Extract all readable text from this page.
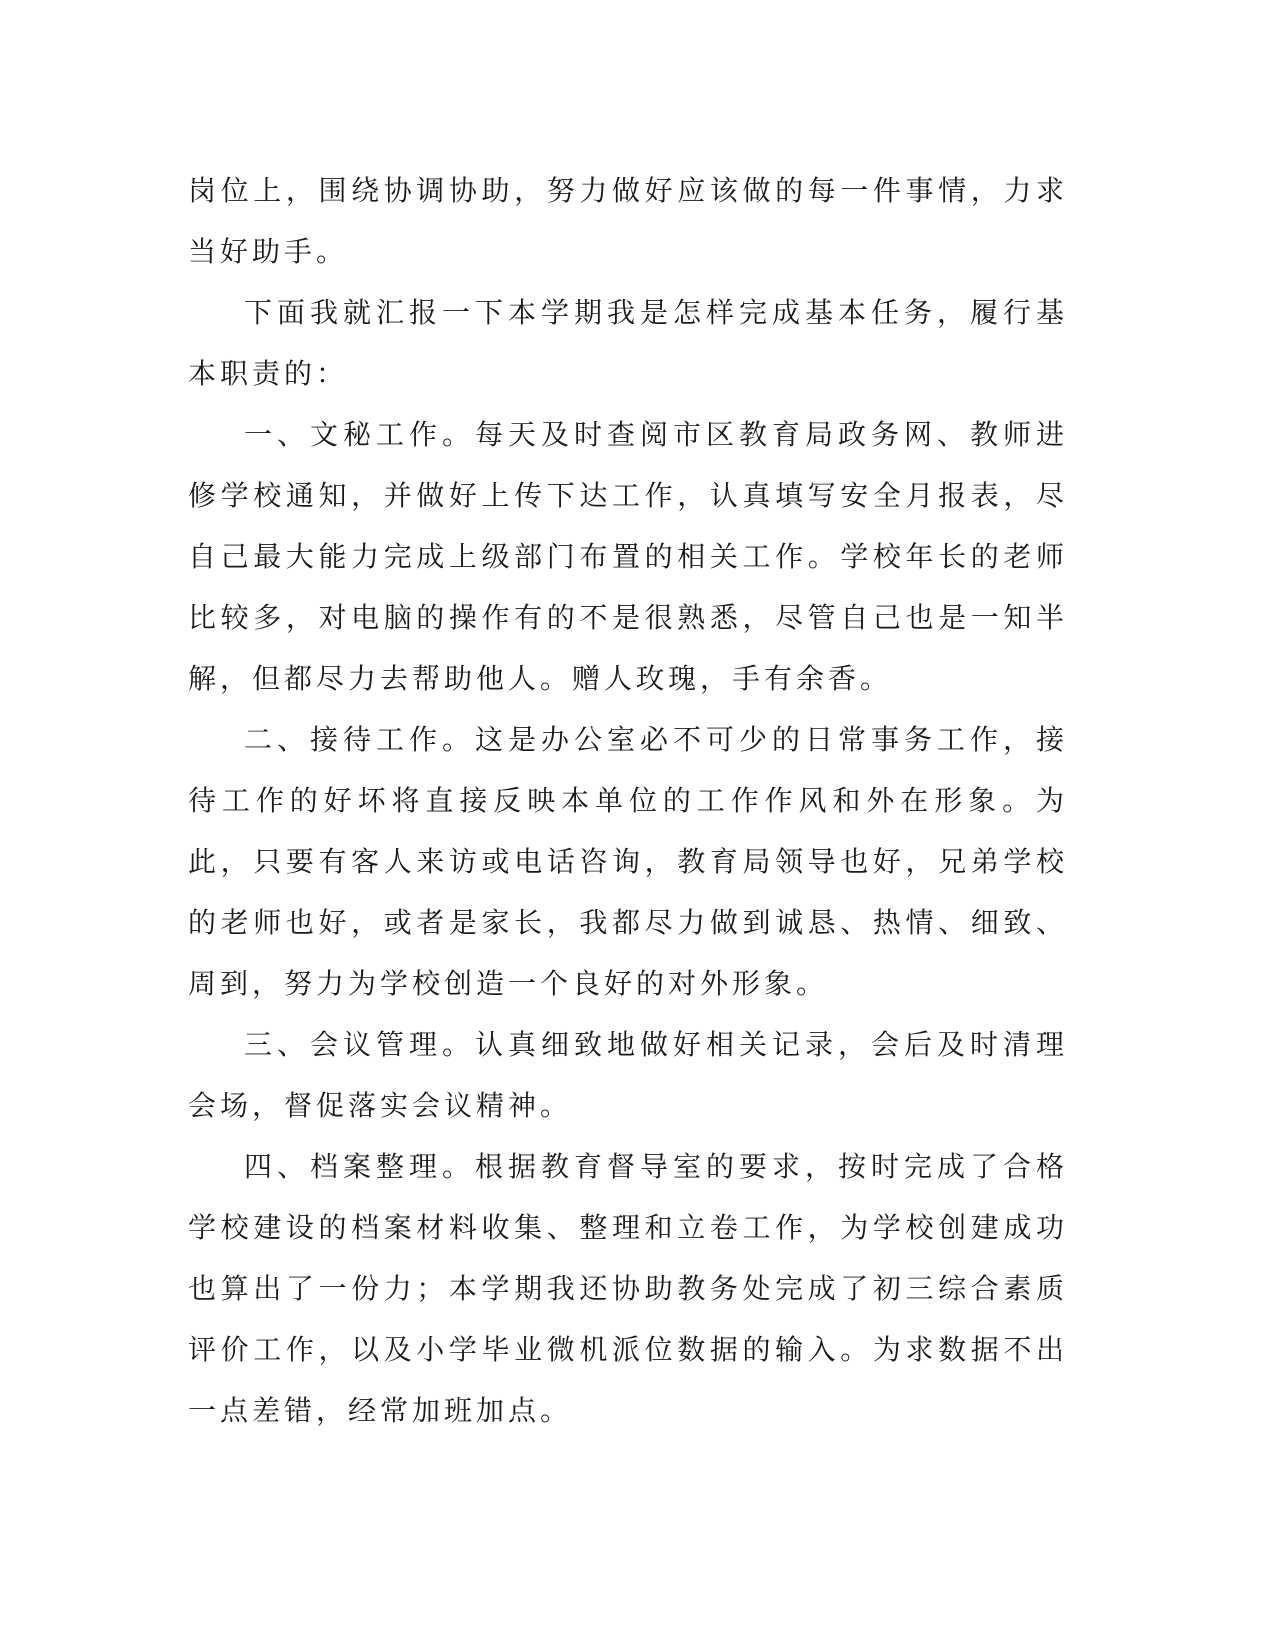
岗位上，围绕协调协助，努力做好应该做的每一件事情，力求当好助手。

下面我就汇报一下本学期我是怎样完成基本任务，履行基本职责的：

一、文秘工作。每天及时查阅市区教育局政务网、教师进修学校通知，并做好上传下达工作，认真填写安全月报表，尽自己最大能力完成上级部门布置的相关工作。学校年长的老师比较多，对电脑的操作有的不是很熟悉，尽管自己也是一知半解，但都尽力去帮助他人。赠人玫瑰，手有余香。

二、接待工作。这是办公室必不可少的日常事务工作，接待工作的好坏将直接反映本单位的工作作风和外在形象。为此，只要有客人来访或电话咨询，教育局领导也好，兄弟学校的老师也好，或者是家长，我都尽力做到诚恳、热情、细致、周到，努力为学校创造一个良好的对外形象。

三、会议管理。认真细致地做好相关记录，会后及时清理会场，督促落实会议精神。

四、档案整理。根据教育督导室的要求，按时完成了合格学校建设的档案材料收集、整理和立卷工作，为学校创建成功也算出了一份力；本学期我还协助教务处完成了初三综合素质评价工作，以及小学毕业微机派位数据的输入。为求数据不出一点差错，经常加班加点。
